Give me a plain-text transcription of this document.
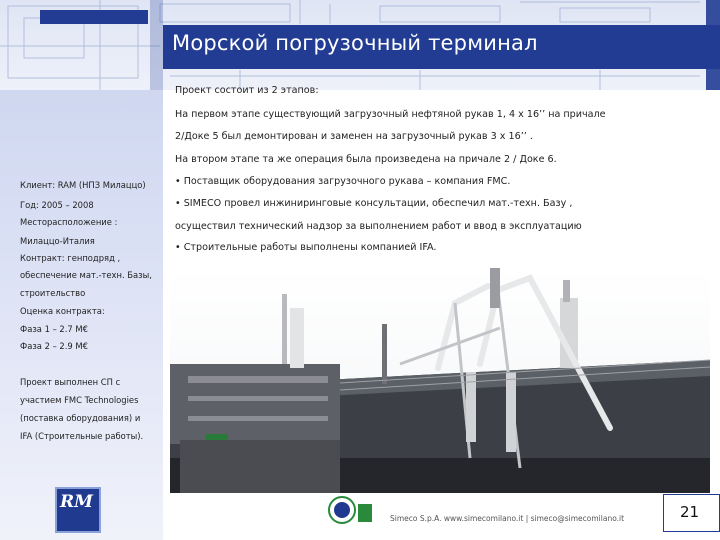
Морской погрузочный терминал
Проект состоит из 2 этапов:
На первом этапе существующий загрузочный нефтяной рукав 1, 4 x 16’’ на причале
2/Доке 5 был демонтирован и заменен на загрузочный рукав 3 x 16’’ .
На втором этапе та же операция была произведена на причале 2 / Доке 6.
• Поставщик оборудования загрузочного рукава – компания FMC.
• SIMECO провел инжиниринговые консультации, обеспечил мат.-техн. Базу ,
осуществил технический надзор за выполнением работ и ввод в эксплуатацию
• Строительные работы выполнены компанией IFA.
Клиент: RAM (НПЗ Милаццо)
Год: 2005 – 2008
Месторасположение :
Милаццо-Италия
Контракт: генподряд ,
обеспечение мат.-техн. Базы,
строительство
Оценка контракта:
Фаза 1 – 2.7 М€
Фаза 2 – 2.9 М€
Проект выполнен СП с
участием FMC Technologies
(поставка оборудования) и
IFA (Строительные работы).
RM
Simeco S.p.A. www.simecomilano.it | simeco@simecomilano.it	21
